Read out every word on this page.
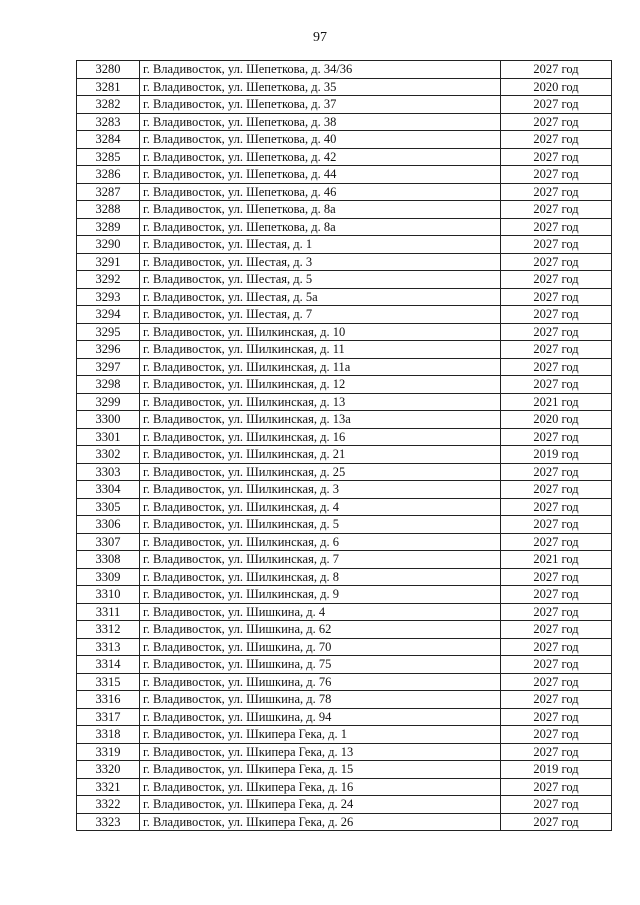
97
3280	г. Владивосток, ул. Шепеткова, д. 34/36	2027 год
3281	г. Владивосток, ул. Шепеткова, д. 35	2020 год
3282	г. Владивосток, ул. Шепеткова, д. 37	2027 год
3283	г. Владивосток, ул. Шепеткова, д. 38	2027 год
3284	г. Владивосток, ул. Шепеткова, д. 40	2027 год
3285	г. Владивосток, ул. Шепеткова, д. 42	2027 год
3286	г. Владивосток, ул. Шепеткова, д. 44	2027 год
3287	г. Владивосток, ул. Шепеткова, д. 46	2027 год
3288	г. Владивосток, ул. Шепеткова, д. 8а	2027 год
3289	г. Владивосток, ул. Шепеткова, д. 8а	2027 год
3290	г. Владивосток, ул. Шестая, д. 1	2027 год
3291	г. Владивосток, ул. Шестая, д. 3	2027 год
3292	г. Владивосток, ул. Шестая, д. 5	2027 год
3293	г. Владивосток, ул. Шестая, д. 5а	2027 год
3294	г. Владивосток, ул. Шестая, д. 7	2027 год
3295	г. Владивосток, ул. Шилкинская, д. 10	2027 год
3296	г. Владивосток, ул. Шилкинская, д. 11	2027 год
3297	г. Владивосток, ул. Шилкинская, д. 11а	2027 год
3298	г. Владивосток, ул. Шилкинская, д. 12	2027 год
3299	г. Владивосток, ул. Шилкинская, д. 13	2021 год
3300	г. Владивосток, ул. Шилкинская, д. 13а	2020 год
3301	г. Владивосток, ул. Шилкинская, д. 16	2027 год
3302	г. Владивосток, ул. Шилкинская, д. 21	2019 год
3303	г. Владивосток, ул. Шилкинская, д. 25	2027 год
3304	г. Владивосток, ул. Шилкинская, д. 3	2027 год
3305	г. Владивосток, ул. Шилкинская, д. 4	2027 год
3306	г. Владивосток, ул. Шилкинская, д. 5	2027 год
3307	г. Владивосток, ул. Шилкинская, д. 6	2027 год
3308	г. Владивосток, ул. Шилкинская, д. 7	2021 год
3309	г. Владивосток, ул. Шилкинская, д. 8	2027 год
3310	г. Владивосток, ул. Шилкинская, д. 9	2027 год
3311	г. Владивосток, ул. Шишкина, д. 4	2027 год
3312	г. Владивосток, ул. Шишкина, д. 62	2027 год
3313	г. Владивосток, ул. Шишкина, д. 70	2027 год
3314	г. Владивосток, ул. Шишкина, д. 75	2027 год
3315	г. Владивосток, ул. Шишкина, д. 76	2027 год
3316	г. Владивосток, ул. Шишкина, д. 78	2027 год
3317	г. Владивосток, ул. Шишкина, д. 94	2027 год
3318	г. Владивосток, ул. Шкипера Гека, д. 1	2027 год
3319	г. Владивосток, ул. Шкипера Гека, д. 13	2027 год
3320	г. Владивосток, ул. Шкипера Гека, д. 15	2019 год
3321	г. Владивосток, ул. Шкипера Гека, д. 16	2027 год
3322	г. Владивосток, ул. Шкипера Гека, д. 24	2027 год
3323	г. Владивосток, ул. Шкипера Гека, д. 26	2027 год
